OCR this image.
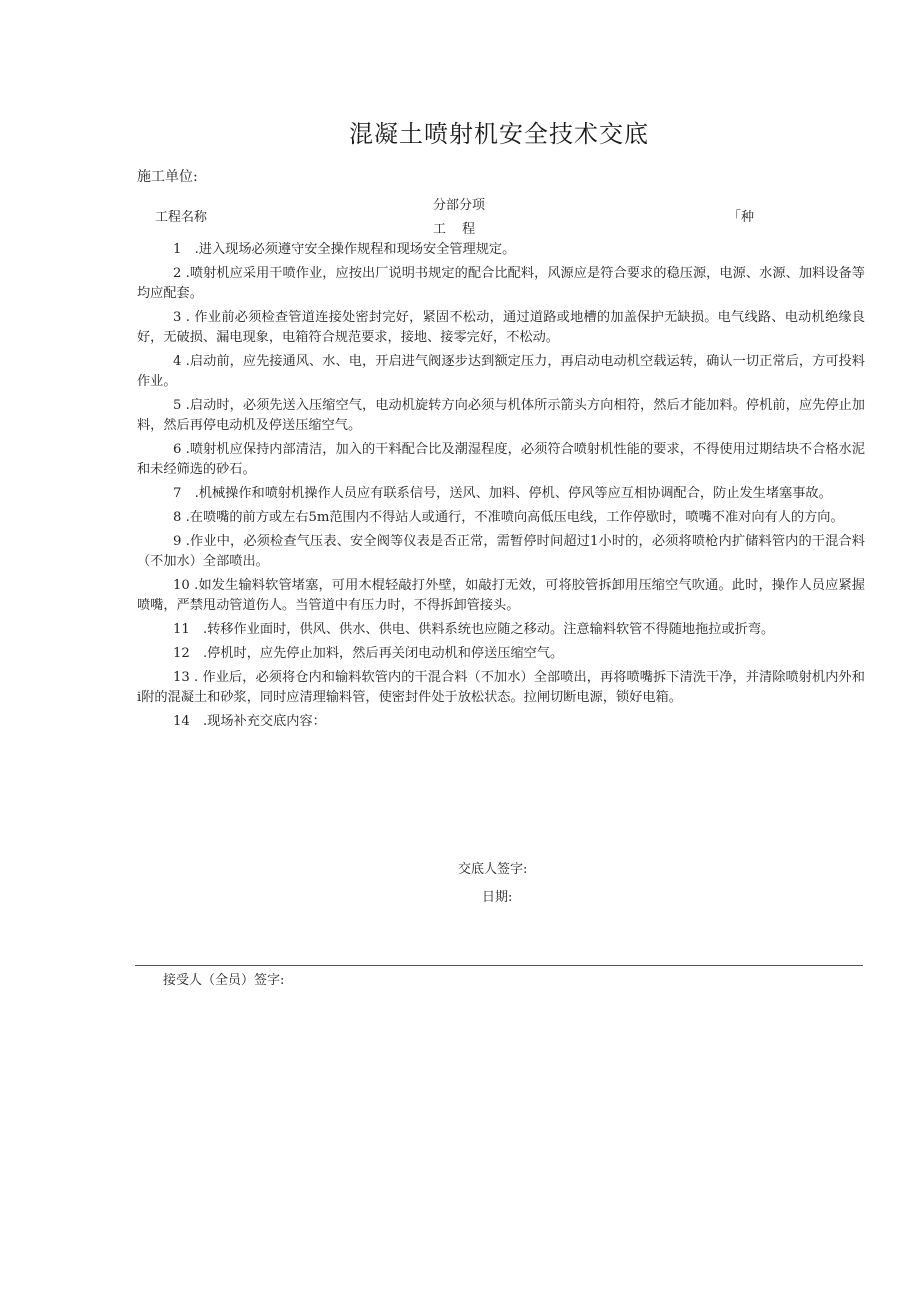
混凝土喷射机安全技术交底
施工单位:
工程名称
分部分项
工 程
「种

1　.进入现场必须遵守安全操作规程和现场安全管理规定。

2 .喷射机应采用干喷作业，应按出厂说明书规定的配合比配料，风源应是符合要求的稳压源，电源、水源、加料设备等均应配套。

3 . 作业前必须检查管道连接处密封完好，紧固不松动，通过道路或地槽的加盖保护无缺损。电气线路、电动机绝缘良好，无破损、漏电现象，电箱符合规范要求，接地、接零完好，不松动。

4 .启动前，应先接通风、水、电，开启进气阀逐步达到额定压力，再启动电动机空载运转，确认一切正常后，方可投料作业。

5 .启动时，必须先送入压缩空气，电动机旋转方向必须与机体所示箭头方向相符，然后才能加料。停机前，应先停止加料，然后再停电动机及停送压缩空气。

6 .喷射机应保持内部清洁，加入的干料配合比及潮湿程度，必须符合喷射机性能的要求，不得使用过期结块不合格水泥和未经筛选的砂石。

7　.机械操作和喷射机操作人员应有联系信号，送风、加料、停机、停风等应互相协调配合，防止发生堵塞事故。

8 .在喷嘴的前方或左右5m范围内不得站人或通行，不准喷向高低压电线，工作停歇时，喷嘴不准对向有人的方向。

9 .作业中，必须检查气压表、安全阀等仪表是否正常，需暂停时间超过1小时的，必须将喷枪内扩储料管内的干混合料（不加水）全部喷出。

10 .如发生输料软管堵塞，可用木棍轻敲打外壁，如敲打无效，可将胶管拆卸用压缩空气吹通。此时，操作人员应紧握喷嘴，严禁甩动管道伤人。当管道中有压力时，不得拆卸管接头。

11　.转移作业面时，供风、供水、供电、供料系统也应随之移动。注意输料软管不得随地拖拉或折弯。

12　.停机时，应先停止加料，然后再关闭电动机和停送压缩空气。

13 . 作业后，必须将仓内和输料软管内的干混合料（不加水）全部喷出，再将喷嘴拆下清洗干净，并清除喷射机内外和i附的混凝土和砂浆，同时应清理输料管，使密封件处于放松状态。拉闸切断电源，锁好电箱。

14　.现场补充交底内容：

交底人签字:
日期:
接受人（全员）签字:
